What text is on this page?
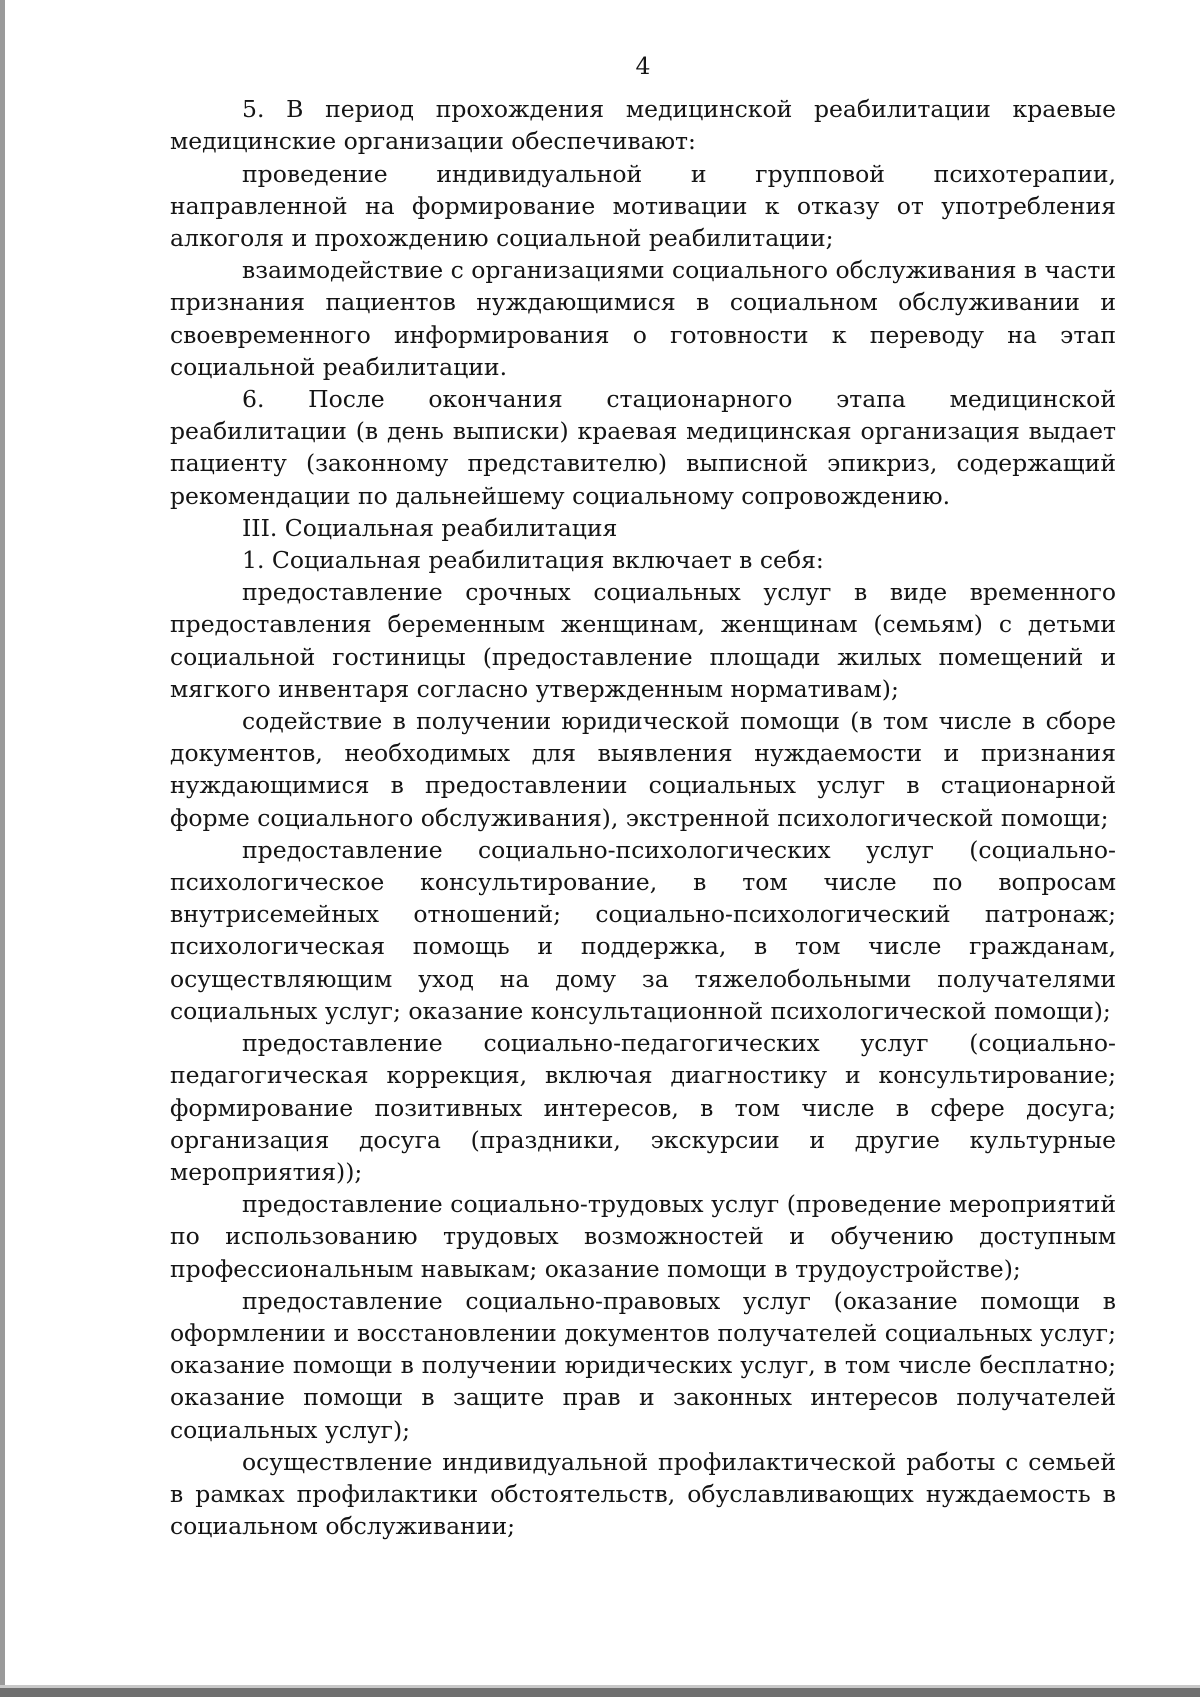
4

5. В период прохождения медицинской реабилитации краевые медицинские организации обеспечивают:

проведение индивидуальной и групповой психотерапии, направленной на формирование мотивации к отказу от употребления алкоголя и прохождению социальной реабилитации;

взаимодействие с организациями социального обслуживания в части признания пациентов нуждающимися в социальном обслуживании и своевременного информирования о готовности к переводу на этап социальной реабилитации.

6. После окончания стационарного этапа медицинской реабилитации (в день выписки) краевая медицинская организация выдает пациенту (законному представителю) выписной эпикриз, содержащий рекомендации по дальнейшему социальному сопровождению.

III. Социальная реабилитация

1. Социальная реабилитация включает в себя:

предоставление срочных социальных услуг в виде временного предоставления беременным женщинам, женщинам (семьям) с детьми социальной гостиницы (предоставление площади жилых помещений и мягкого инвентаря согласно утвержденным нормативам);

содействие в получении юридической помощи (в том числе в сборе документов, необходимых для выявления нуждаемости и признания нуждающимися в предоставлении социальных услуг в стационарной форме социального обслуживания), экстренной психологической помощи;

предоставление социально-психологических услуг (социально-психологическое консультирование, в том числе по вопросам внутрисемейных отношений; социально-психологический патронаж; психологическая помощь и поддержка, в том числе гражданам, осуществляющим уход на дому за тяжелобольными получателями социальных услуг; оказание консультационной психологической помощи);

предоставление социально-педагогических услуг (социально-педагогическая коррекция, включая диагностику и консультирование; формирование позитивных интересов, в том числе в сфере досуга; организация досуга (праздники, экскурсии и другие культурные мероприятия));

предоставление социально-трудовых услуг (проведение мероприятий по использованию трудовых возможностей и обучению доступным профессиональным навыкам; оказание помощи в трудоустройстве);

предоставление социально-правовых услуг (оказание помощи в оформлении и восстановлении документов получателей социальных услуг; оказание помощи в получении юридических услуг, в том числе бесплатно; оказание помощи в защите прав и законных интересов получателей социальных услуг);

осуществление индивидуальной профилактической работы с семьей в рамках профилактики обстоятельств, обуславливающих нуждаемость в социальном обслуживании;
